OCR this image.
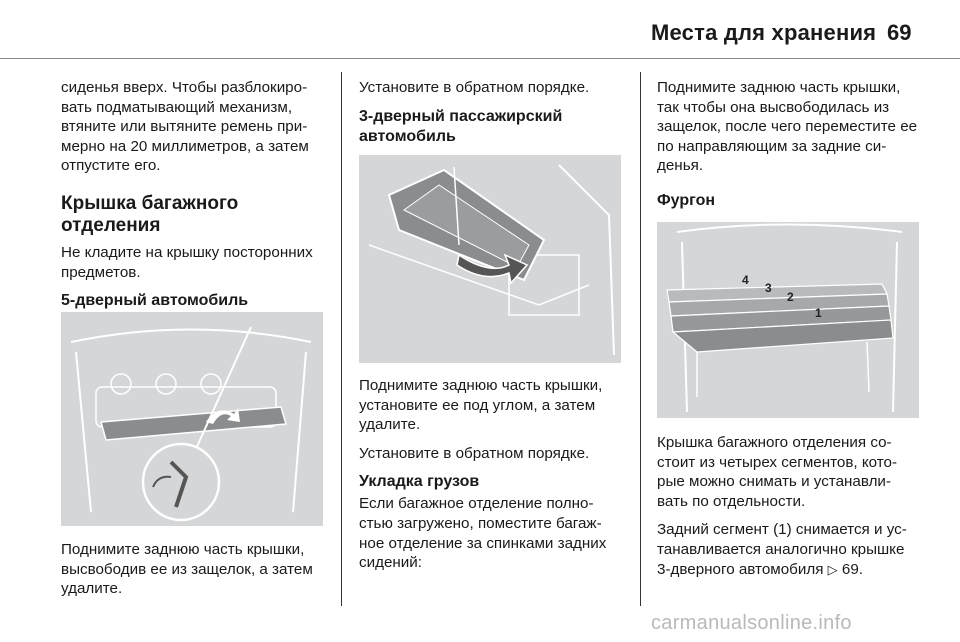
Места для хранения 69

сиденья вверх. Чтобы разблокиро- вать подматывающий механизм, втяните или вытяните ремень при- мерно на 20 миллиметров, а затем отпустите его.

Крышка багажного отделения

Не кладите на крышку посторонних предметов.

5-дверный автомобиль

Поднимите заднюю часть крышки, высвободив ее из защелок, а затем удалите.

Установите в обратном порядке.

3-дверный пассажирский автомобиль

Поднимите заднюю часть крышки, установите ее под углом, а затем удалите.

Установите в обратном порядке.

Укладка грузов

Если багажное отделение полно- стью загружено, поместите багаж- ное отделение за спинками задних сидений:

Поднимите заднюю часть крышки, так чтобы она высвободилась из защелок, после чего переместите ее по направляющим за задние си- денья.

Фургон
4
3
2
1

Крышка багажного отделения со- стоит из четырех сегментов, кото- рые можно снимать и устанавли- вать по отдельности.

Задний сегмент (1) снимается и ус- танавливается аналогично крышке 3-дверного автомобиля ▷ 69.

carmanualsonline.info
